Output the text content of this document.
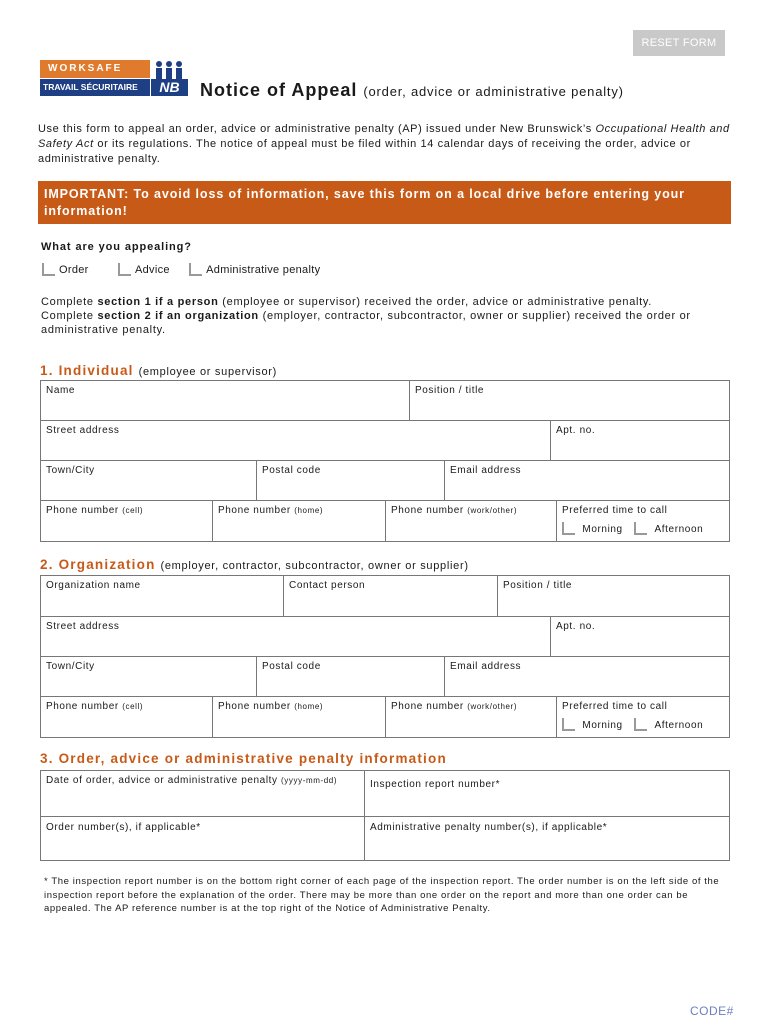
RESET FORM
WORKSAFE
TRAVAIL SÉCURITAIRE	NB	Notice of Appeal (order, advice or administrative penalty)
Use this form to appeal an order, advice or administrative penalty (AP) issued under New Brunswick’s Occupational Health and Safety Act or its regulations. The notice of appeal must be filed within 14 calendar days of receiving the order, advice or administrative penalty.
IMPORTANT: To avoid loss of information, save this form on a local drive before entering your information!
What are you appealing?
Order	Advice	Administrative penalty
Complete section 1 if a person (employee or supervisor) received the order, advice or administrative penalty.
Complete section 2 if an organization (employer, contractor, subcontractor, owner or supplier) received the order or administrative penalty.
1. Individual (employee or supervisor)
Name	Position / title
Street address	Apt. no.
Town/City	Postal code	Email address
Phone number (cell)	Phone number (home)	Phone number (work/other)	Preferred time to call
Morning	Afternoon
2. Organization (employer, contractor, subcontractor, owner or supplier)
Organization name	Contact person	Position / title
Street address	Apt. no.
Town/City	Postal code	Email address
Phone number (cell)	Phone number (home)	Phone number (work/other)	Preferred time to call
Morning	Afternoon
3. Order, advice or administrative penalty information
Date of order, advice or administrative penalty (yyyy-mm-dd)	Inspection report number*
Order number(s), if applicable*	Administrative penalty number(s), if applicable*
* The inspection report number is on the bottom right corner of each page of the inspection report. The order number is on the left side of the inspection report before the explanation of the order. There may be more than one order on the report and more than one order can be appealed. The AP reference number is at the top right of the Notice of Administrative Penalty.
CODE#
